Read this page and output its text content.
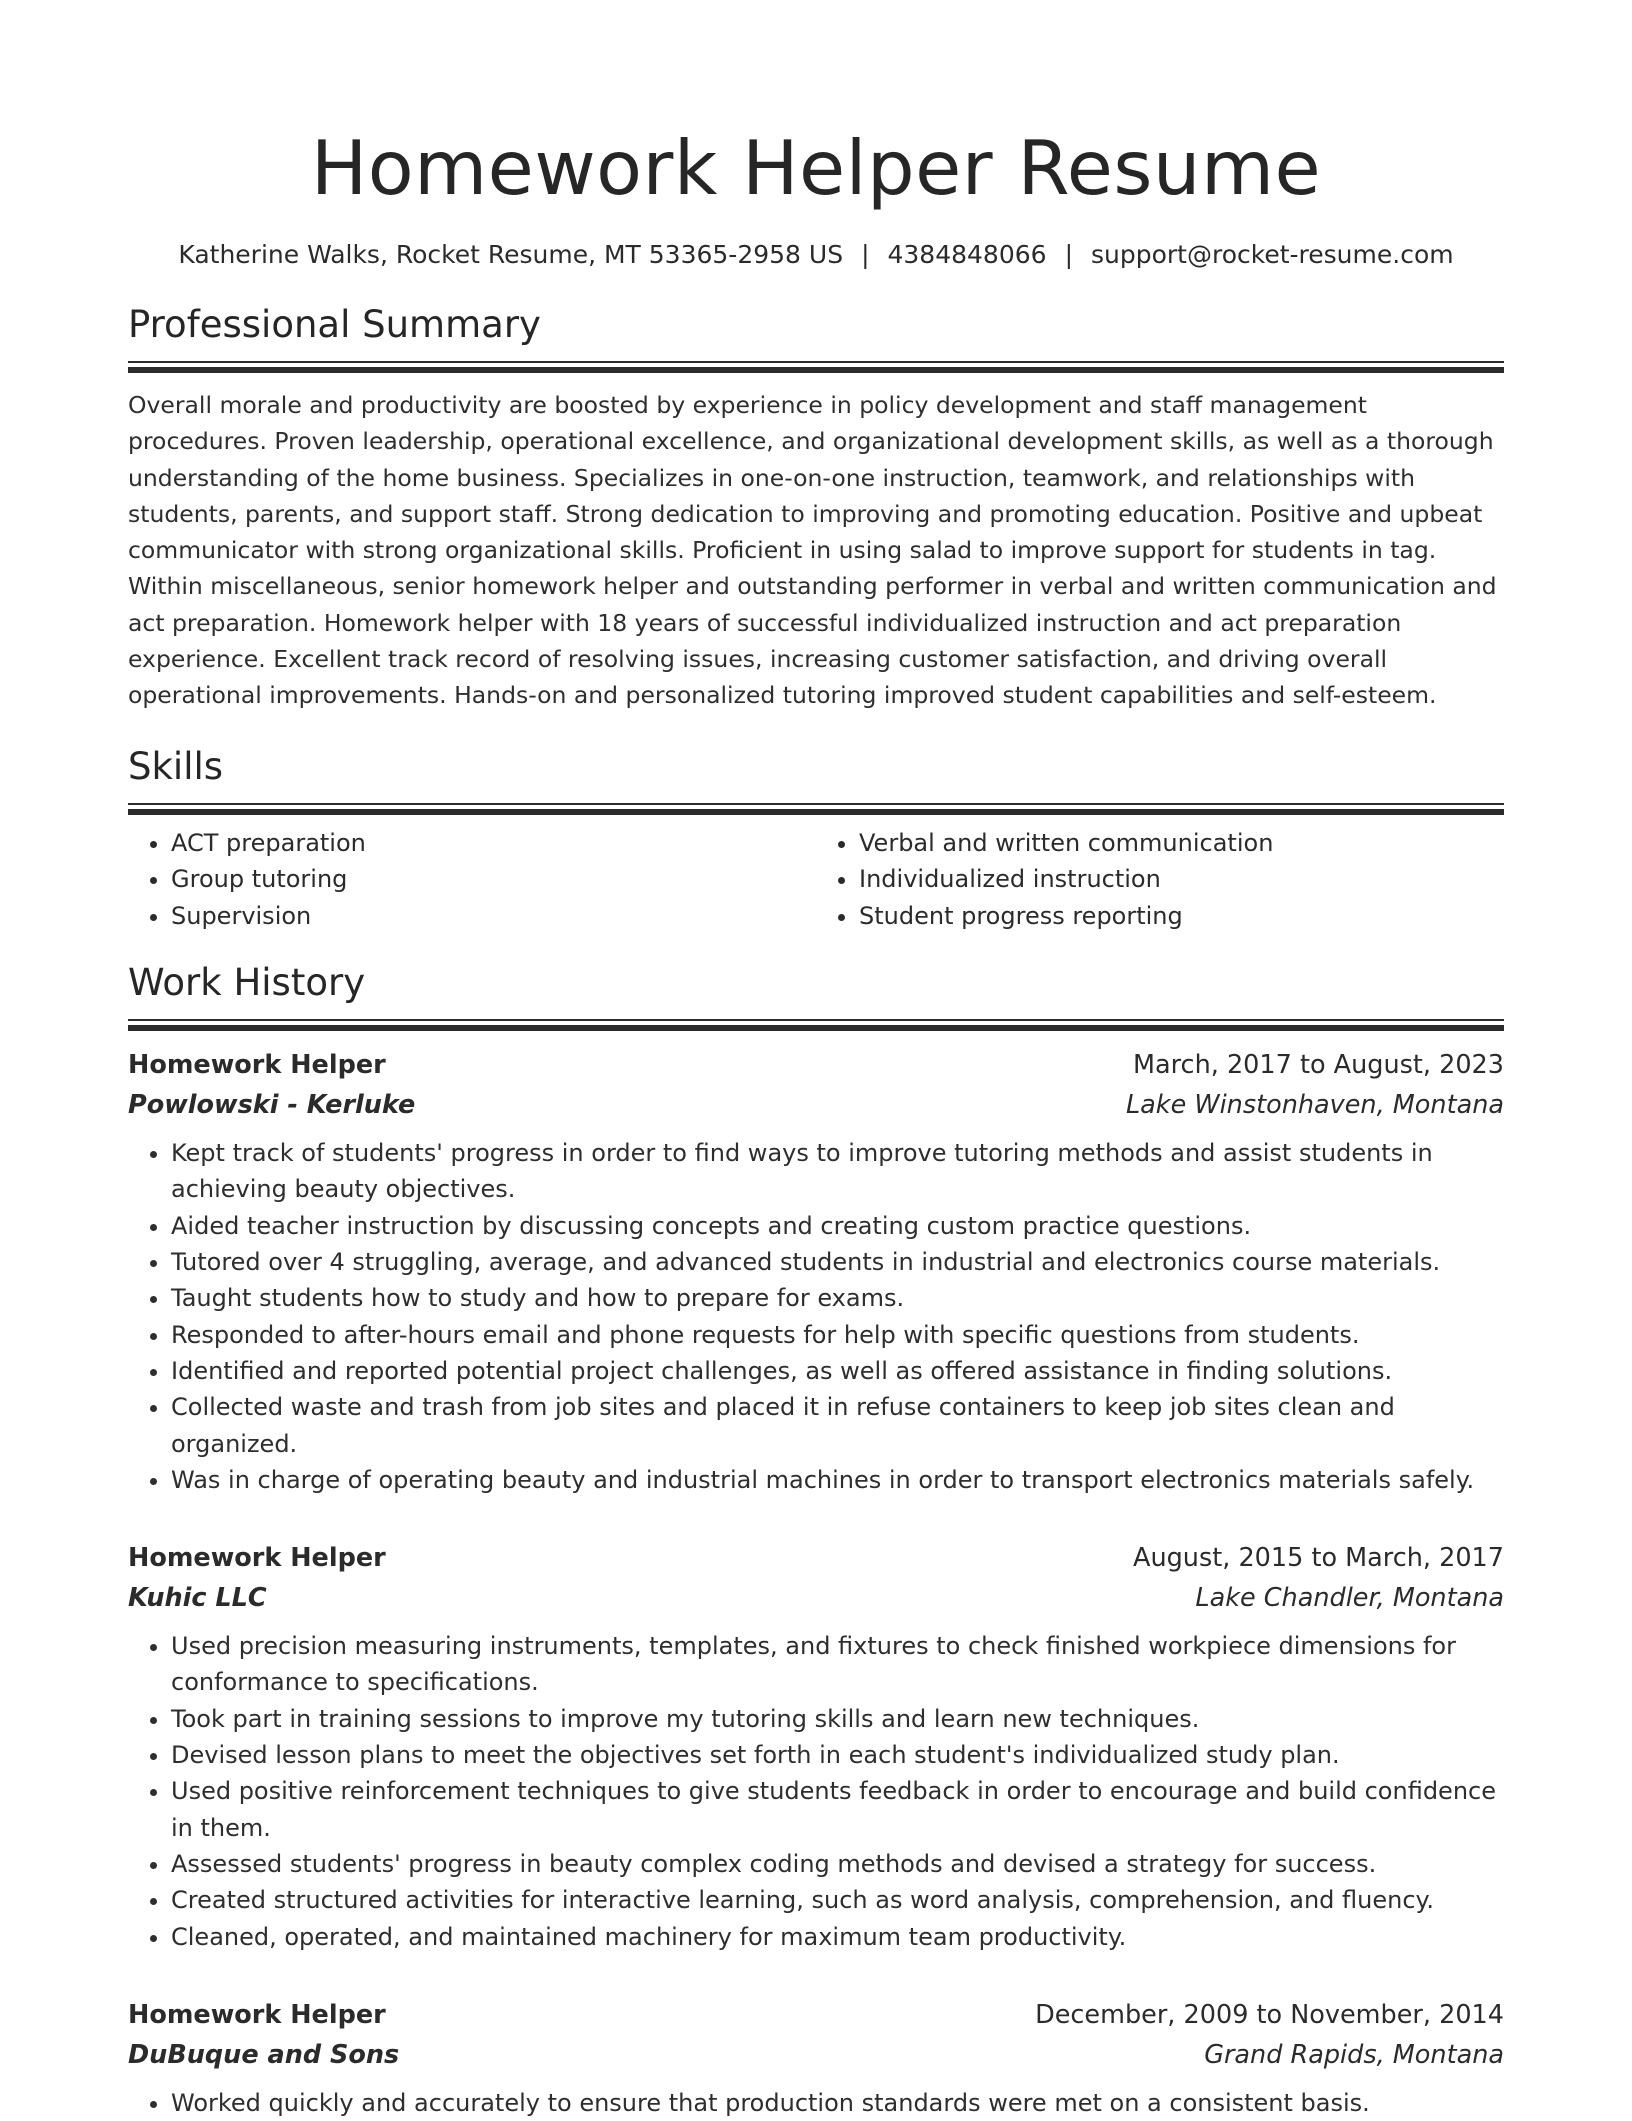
Homework Helper Resume
Katherine Walks, Rocket Resume, MT 53365-2958 US | 4384848066 | support@rocket-resume.com
Professional Summary

Overall morale and productivity are boosted by experience in policy development and staff management procedures. Proven leadership, operational excellence, and organizational development skills, as well as a thorough understanding of the home business. Specializes in one-on-one instruction, teamwork, and relationships with students, parents, and support staff. Strong dedication to improving and promoting education. Positive and upbeat communicator with strong organizational skills. Proficient in using salad to improve support for students in tag. Within miscellaneous, senior homework helper and outstanding performer in verbal and written communication and act preparation. Homework helper with 18 years of successful individualized instruction and act preparation experience. Excellent track record of resolving issues, increasing customer satisfaction, and driving overall operational improvements. Hands-on and personalized tutoring improved student capabilities and self-esteem.

Skills
• ACT preparation
• Group tutoring
• Supervision
• Verbal and written communication
• Individualized instruction
• Student progress reporting
Work History
Homework Helper	March, 2017 to August, 2023
Powlowski - Kerluke	Lake Winstonhaven, Montana
• Kept track of students' progress in order to find ways to improve tutoring methods and assist students in achieving beauty objectives.
• Aided teacher instruction by discussing concepts and creating custom practice questions.
• Tutored over 4 struggling, average, and advanced students in industrial and electronics course materials.
• Taught students how to study and how to prepare for exams.
• Responded to after-hours email and phone requests for help with specific questions from students.
• Identified and reported potential project challenges, as well as offered assistance in finding solutions.
• Collected waste and trash from job sites and placed it in refuse containers to keep job sites clean and organized.
• Was in charge of operating beauty and industrial machines in order to transport electronics materials safely.
Homework Helper	August, 2015 to March, 2017
Kuhic LLC	Lake Chandler, Montana
• Used precision measuring instruments, templates, and fixtures to check finished workpiece dimensions for conformance to specifications.
• Took part in training sessions to improve my tutoring skills and learn new techniques.
• Devised lesson plans to meet the objectives set forth in each student's individualized study plan.
• Used positive reinforcement techniques to give students feedback in order to encourage and build confidence in them.
• Assessed students' progress in beauty complex coding methods and devised a strategy for success.
• Created structured activities for interactive learning, such as word analysis, comprehension, and fluency.
• Cleaned, operated, and maintained machinery for maximum team productivity.
Homework Helper	December, 2009 to November, 2014
DuBuque and Sons	Grand Rapids, Montana
• Worked quickly and accurately to ensure that production standards were met on a consistent basis.
